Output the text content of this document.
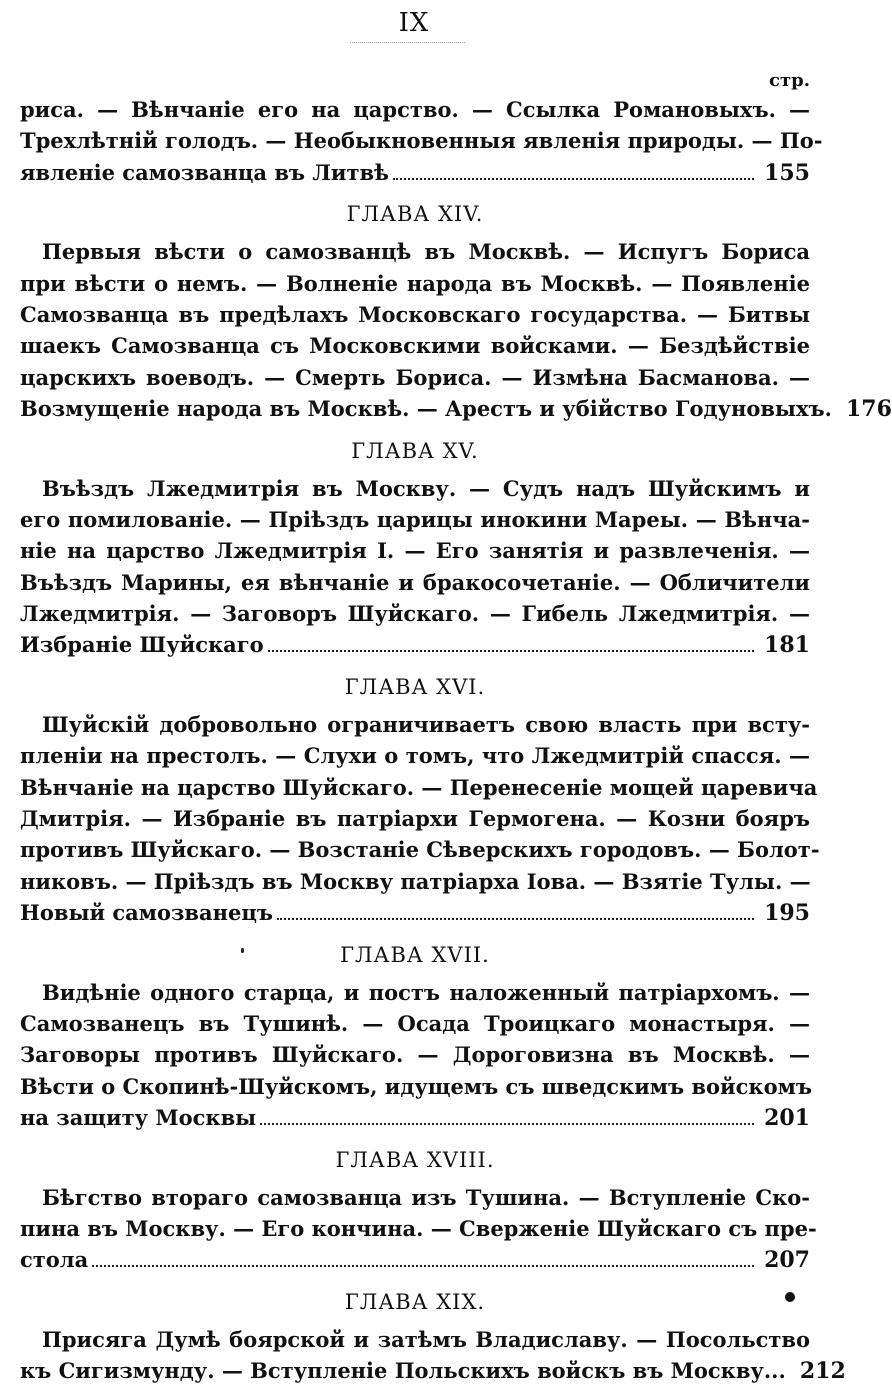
IX
стр.
риса. — Вѣнчаніе его на царство. — Ссылка Романовыхъ. —
Трехлѣтній голодъ. — Необыкновенныя явленія природы. — По-
явленіе самозванца въ Литвѣ	155
ГЛАВА XIV.
Первыя вѣсти о самозванцѣ въ Москвѣ. — Испугъ Бориса
при вѣсти о немъ. — Волненіе народа въ Москвѣ. — Появленіе
Самозванца въ предѣлахъ Московскаго государства. — Битвы
шаекъ Самозванца съ Московскими войсками. — Бездѣйствіе
царскихъ воеводъ. — Смерть Бориса. — Измѣна Басманова. —
Возмущеніе народа въ Москвѣ. — Арестъ и убійство Годуновыхъ. 176
ГЛАВА XV.
Въѣздъ Лжедмитрія въ Москву. — Судъ надъ Шуйскимъ и
его помилованіе. — Пріѣздъ царицы инокини Мареы. — Вѣнча-
ніе на царство Лжедмитрія I. — Его занятія и развлеченія. —
Въѣздъ Марины, ея вѣнчаніе и бракосочетаніе. — Обличители
Лжедмитрія. — Заговоръ Шуйскаго. — Гибель Лжедмитрія. —
Избраніе Шуйскаго	181
ГЛАВА XVI.
Шуйскій добровольно ограничиваетъ свою власть при всту-
пленіи на престолъ. — Слухи о томъ, что Лжедмитрій спасся. —
Вѣнчаніе на царство Шуйскаго. — Перенесеніе мощей царевича
Дмитрія. — Избраніе въ патріархи Гермогена. — Козни бояръ
противъ Шуйскаго. — Возстаніе Сѣверскихъ городовъ. — Болот-
никовъ. — Пріѣздъ въ Москву патріарха Іова. — Взятіе Тулы. —
Новый самозванецъ	195
ГЛАВА XVII.
Видѣніе одного старца, и постъ наложенный патріархомъ. —
Самозванецъ въ Тушинѣ. — Осада Троицкаго монастыря. —
Заговоры противъ Шуйскаго. — Дороговизна въ Москвѣ. —
Вѣсти о Скопинѣ-Шуйскомъ, идущемъ съ шведскимъ войскомъ
на защиту Москвы	201
ГЛАВА XVIII.
Бѣгство втораго самозванца изъ Тушина. — Вступленіе Ско-
пина въ Москву. — Его кончина. — Сверженіе Шуйскаго съ пре-
стола	207
ГЛАВА XIX.
Присяга Думѣ боярской и затѣмъ Владиславу. — Посольство
къ Сигизмунду. — Вступленіе Польскихъ войскъ въ Москву... 212
